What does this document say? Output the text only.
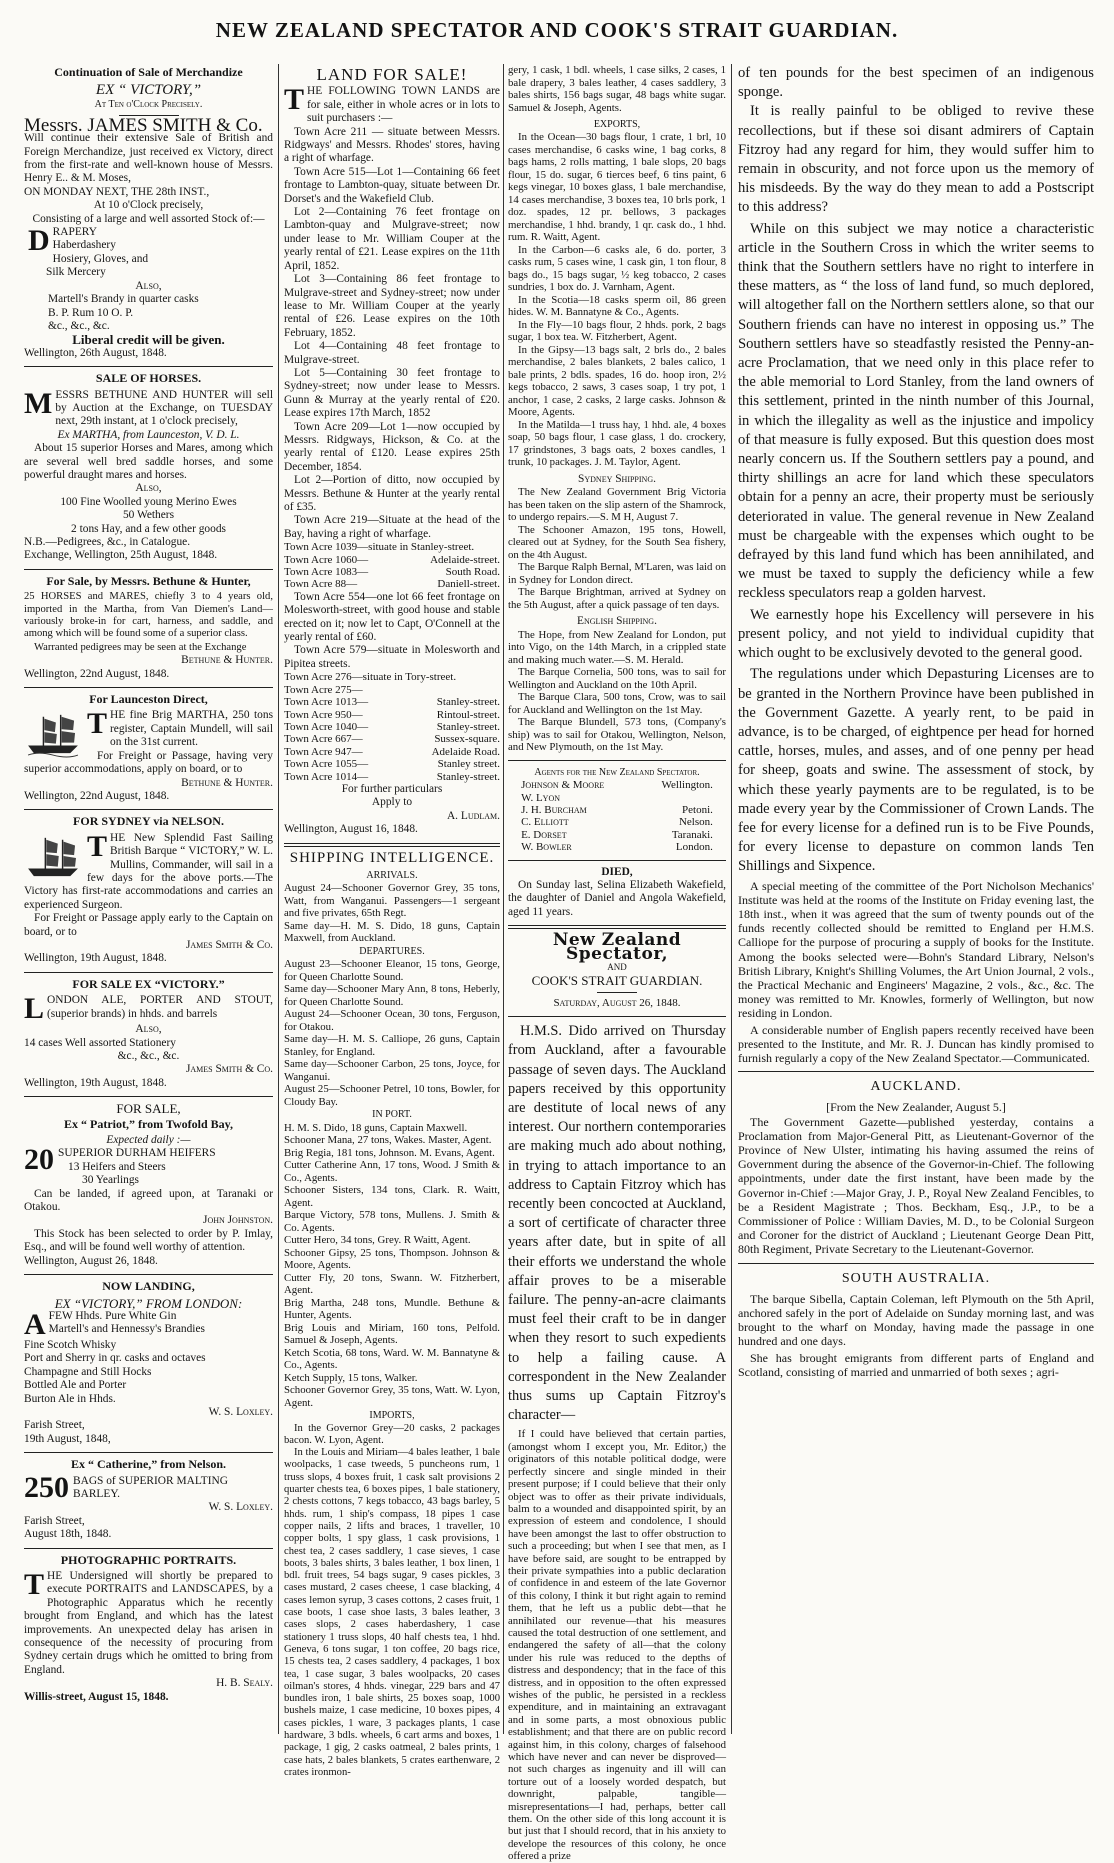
NEW ZEALAND SPECTATOR AND COOK'S STRAIT GUARDIAN.
Continuation of Sale of Merchandize
EX “ VICTORY,”
At Ten o'Clock Precisely.
Messrs. JAMES SMITH & Co.
Will continue their extensive Sale of British and Foreign Merchandize, just received ex Victory, direct from the first-rate and well-known house of Messrs. Henry E.. & M. Moses,
ON MONDAY NEXT, THE 28th INST.,
At 10 o'Clock precisely,
Consisting of a large and well assorted Stock of:—
D RAPERY
Haberdashery
Hosiery, Gloves, and
Silk Mercery
Also,
Martell's Brandy in quarter casks
B. P. Rum 10 O. P.
&c., &c., &c.
Liberal credit will be given.
Wellington, 26th August, 1848.
SALE OF HORSES.
MESSRS BETHUNE AND HUNTER will sell by Auction at the Exchange, on TUESDAY next, 29th instant, at 1 o'clock precisely,
Ex MARTHA, from Launceston, V. D. L.
About 15 superior Horses and Mares, among which are several well bred saddle horses, and some powerful draught mares and horses.
Also,
100 Fine Woolled young Merino Ewes
50 Wethers
2 tons Hay, and a few other goods
N.B.—Pedigrees, &c., in Catalogue.
Exchange, Wellington, 25th August, 1848.
For Sale, by Messrs. Bethune & Hunter,
25 HORSES and MARES, chiefly 3 to 4 years old, imported in the Martha, from Van Diemen's Land—variously broke-in for cart, harness, and saddle, and among which will be found some of a superior class.
Warranted pedigrees may be seen at the Exchange
Bethune & Hunter.
Wellington, 22nd August, 1848.
For Launceston Direct,
THE fine Brig MARTHA, 250 tons register, Captain Mundell, will sail on the 31st current.
For Freight or Passage, having very superior accommodations, apply on board, or to
Bethune & Hunter.
Wellington, 22nd August, 1848.
FOR SYDNEY via NELSON.
THE New Splendid Fast Sailing British Barque “ VICTORY,” W. L. Mullins, Commander, will sail in a few days for the above ports.—The Victory has first-rate accommodations and carries an experienced Surgeon.
For Freight or Passage apply early to the Captain on board, or to
James Smith & Co.
Wellington, 19th August, 1848.
FOR SALE EX “VICTORY.”
LONDON ALE, PORTER AND STOUT, (superior brands) in hhds. and barrels
Also,
14 cases Well assorted Stationery
&c., &c., &c.
James Smith & Co.
Wellington, 19th August, 1848.
FOR SALE,
Ex “ Patriot,” from Twofold Bay,
Expected daily :—
20 SUPERIOR DURHAM HEIFERS
13 Heifers and Steers
30 Yearlings
Can be landed, if agreed upon, at Taranaki or Otakou.
John Johnston.
This Stock has been selected to order by P. Imlay, Esq., and will be found well worthy of attention.
Wellington, August 26, 1848.
NOW LANDING,
EX “VICTORY,” FROM LONDON:
A FEW Hhds. Pure White Gin
Martell's and Hennessy's Brandies
Fine Scotch Whisky
Port and Sherry in qr. casks and octaves
Champagne and Still Hocks
Bottled Ale and Porter
Burton Ale in Hhds.
W. S. Loxley.
Farish Street,
19th August, 1848,
Ex “ Catherine,” from Nelson.
250 BAGS of SUPERIOR MALTING BARLEY.
W. S. Loxley.
Farish Street,
August 18th, 1848.
PHOTOGRAPHIC PORTRAITS.
THE Undersigned will shortly be prepared to execute PORTRAITS and LANDSCAPES, by a Photographic Apparatus which he recently brought from England, and which has the latest improvements. An unexpected delay has arisen in consequence of the necessity of procuring from Sydney certain drugs which he omitted to bring from England.
H. B. Sealy.
Willis-street, August 15, 1848.
LAND FOR SALE!
THE FOLLOWING TOWN LANDS are for sale, either in whole acres or in lots to suit purchasers :—
Town Acre 211 — situate between Messrs. Ridgways' and Messrs. Rhodes' stores, having a right of wharfage.
Town Acre 515—Lot 1—Containing 66 feet frontage to Lambton-quay, situate between Dr. Dorset's and the Wakefield Club.
Lot 2—Containing 76 feet frontage on Lambton-quay and Mulgrave-street; now under lease to Mr. William Couper at the yearly rental of £21. Lease expires on the 11th April, 1852.
Lot 3—Containing 86 feet frontage to Mulgrave-street and Sydney-street; now under lease to Mr. William Couper at the yearly rental of £26. Lease expires on the 10th February, 1852.
Lot 4—Containing 48 feet frontage to Mulgrave-street.
Lot 5—Containing 30 feet frontage to Sydney-street; now under lease to Messrs. Gunn & Murray at the yearly rental of £20. Lease expires 17th March, 1852
Town Acre 209—Lot 1—now occupied by Messrs. Ridgways, Hickson, & Co. at the yearly rental of £120. Lease expires 25th December, 1854.
Lot 2—Portion of ditto, now occupied by Messrs. Bethune & Hunter at the yearly rental of £35.
Town Acre 219—Situate at the head of the Bay, having a right of wharfage.
Town Acre 1039—situate in Stanley-street.	
Town Acre 1060—	Adelaide-street.
Town Acre 1083—	South Road.
Town Acre 88—	Daniell-street.
Town Acre 554—one lot 66 feet frontage on Molesworth-street, with good house and stable erected on it; now let to Capt, O'Connell at the yearly rental of £60.
Town Acre 579—situate in Molesworth and Pipitea streets.
Town Acre 276—situate in Tory-street.	
Town Acre 275—	
Town Acre 1013—	Stanley-street.
Town Acre 950—	Rintoul-street.
Town Acre 1040—	Stanley-street.
Town Acre 667—	Sussex-square.
Town Acre 947—	Adelaide Road.
Town Acre 1055—	Stanley street.
Town Acre 1014—	Stanley-street.
For further particulars
Apply to
A. Ludlam.
Wellington, August 16, 1848.
SHIPPING INTELLIGENCE.
ARRIVALS.
August 24—Schooner Governor Grey, 35 tons, Watt, from Wanganui. Passengers—1 sergeant and five privates, 65th Regt.
Same day—H. M. S. Dido, 18 guns, Captain Maxwell, from Auckland.
DEPARTURES.
August 23—Schooner Eleanor, 15 tons, George, for Queen Charlotte Sound.
Same day—Schooner Mary Ann, 8 tons, Heberly, for Queen Charlotte Sound.
August 24—Schooner Ocean, 30 tons, Ferguson, for Otakou.
Same day—H. M. S. Calliope, 26 guns, Captain Stanley, for England.
Same day—Schooner Carbon, 25 tons, Joyce, for Wanganui.
August 25—Schooner Petrel, 10 tons, Bowler, for Cloudy Bay.
IN PORT.
H. M. S. Dido, 18 guns, Captain Maxwell.
Schooner Mana, 27 tons, Wakes. Master, Agent.
Brig Regia, 181 tons, Johnson. M. Evans, Agent.
Cutter Catherine Ann, 17 tons, Wood. J Smith & Co., Agents.
Schooner Sisters, 134 tons, Clark. R. Waitt, Agent.
Barque Victory, 578 tons, Mullens. J. Smith & Co. Agents.
Cutter Hero, 34 tons, Grey. R Waitt, Agent.
Schooner Gipsy, 25 tons, Thompson. Johnson & Moore, Agents.
Cutter Fly, 20 tons, Swann. W. Fitzherbert, Agent.
Brig Martha, 248 tons, Mundle. Bethune & Hunter, Agents.
Brig Louis and Miriam, 160 tons, Pelfold. Samuel & Joseph, Agents.
Ketch Scotia, 68 tons, Ward. W. M. Bannatyne & Co., Agents.
Ketch Supply, 15 tons, Walker.
Schooner Governor Grey, 35 tons, Watt. W. Lyon, Agent.
IMPORTS,
In the Governor Grey—20 casks, 2 packages bacon. W. Lyon, Agent.
In the Louis and Miriam—4 bales leather, 1 bale woolpacks, 1 case tweeds, 5 puncheons rum, 1 truss slops, 4 boxes fruit, 1 cask salt provisions 2 quarter chests tea, 6 boxes pipes, 1 bale stationery, 2 chests cottons, 7 kegs tobacco, 43 bags barley, 5 hhds. rum, 1 ship's compass, 18 pipes 1 case copper nails, 2 lifts and braces, 1 traveller, 10 copper bolts, 1 spy glass, 1 cask provisions, 1 chest tea, 2 cases saddlery, 1 case sieves, 1 case boots, 3 bales shirts, 3 bales leather, 1 box linen, 1 bdl. fruit trees, 54 bags sugar, 9 cases pickles, 3 cases mustard, 2 cases cheese, 1 case blacking, 4 cases lemon syrup, 3 cases cottons, 2 cases fruit, 1 case boots, 1 case shoe lasts, 3 bales leather, 3 cases slops, 2 cases haberdashery, 1 case stationery 1 truss slops, 40 half chests tea, 1 hhd. Geneva, 6 tons sugar, 1 ton coffee, 20 bags rice, 15 chests tea, 2 cases saddlery, 4 packages, 1 box tea, 1 case sugar, 3 bales woolpacks, 20 cases oilman's stores, 4 hhds. vinegar, 229 bars and 47 bundles iron, 1 bale shirts, 25 boxes soap, 1000 bushels maize, 1 case medicine, 10 boxes pipes, 4 cases pickles, 1 ware, 3 packages plants, 1 case hardware, 3 bdls. wheels, 6 cart arms and boxes, 1 package, 1 gig, 2 casks oatmeal, 2 bales prints, 1 case hats, 2 bales blankets, 5 crates earthenware, 2 crates ironmon-
gery, 1 cask, 1 bdl. wheels, 1 case silks, 2 cases, 1 bale drapery, 3 bales leather, 4 cases saddlery, 3 bales shirts, 156 bags sugar, 48 bags white sugar. Samuel & Joseph, Agents.
EXPORTS,
In the Ocean—30 bags flour, 1 crate, 1 brl, 10 cases merchandise, 6 casks wine, 1 bag corks, 8 bags hams, 2 rolls matting, 1 bale slops, 20 bags flour, 15 do. sugar, 6 tierces beef, 6 tins paint, 6 kegs vinegar, 10 boxes glass, 1 bale merchandise, 14 cases merchandise, 3 boxes tea, 10 brls pork, 1 doz. spades, 12 pr. bellows, 3 packages merchandise, 1 hhd. brandy, 1 qr. cask do., 1 hhd. rum. R. Waitt, Agent.
In the Carbon—6 casks ale, 6 do. porter, 3 casks rum, 5 cases wine, 1 cask gin, 1 ton flour, 8 bags do., 15 bags sugar, ½ keg tobacco, 2 cases sundries, 1 box do. J. Varnham, Agent.
In the Scotia—18 casks sperm oil, 86 green hides. W. M. Bannatyne & Co., Agents.
In the Fly—10 bags flour, 2 hhds. pork, 2 bags sugar, 1 box tea. W. Fitzherbert, Agent.
In the Gipsy—13 bags salt, 2 brls do., 2 bales merchandise, 2 bales blankets, 2 bales calico, 1 bale prints, 2 bdls. spades, 16 do. hoop iron, 2½ kegs tobacco, 2 saws, 3 cases soap, 1 try pot, 1 anchor, 1 case, 2 casks, 2 large casks. Johnson & Moore, Agents.
In the Matilda—1 truss hay, 1 hhd. ale, 4 boxes soap, 50 bags flour, 1 case glass, 1 do. crockery, 17 grindstones, 3 bags oats, 2 boxes candles, 1 trunk, 10 packages. J. M. Taylor, Agent.
Sydney Shipping.
The New Zealand Government Brig Victoria has been taken on the slip astern of the Shamrock, to undergo repairs.—S. M H, August 7.
The Schooner Amazon, 195 tons, Howell, cleared out at Sydney, for the South Sea fishery, on the 4th August.
The Barque Ralph Bernal, M'Laren, was laid on in Sydney for London direct.
The Barque Brightman, arrived at Sydney on the 5th August, after a quick passage of ten days.
English Shipping.
The Hope, from New Zealand for London, put into Vigo, on the 14th March, in a crippled state and making much water.—S. M. Herald.
The Barque Cornelia, 500 tons, was to sail for Wellington and Auckland on the 10th April.
The Barque Clara, 500 tons, Crow, was to sail for Auckland and Wellington on the 1st May.
The Barque Blundell, 573 tons, (Company's ship) was to sail for Otakou, Wellington, Nelson, and New Plymouth, on the 1st May.
Agents for the New Zealand Spectator.
Johnson & Moore	Wellington.
W. Lyon	
J. H. Burcham	Petoni.
C. Elliott	Nelson.
E. Dorset	Taranaki.
W. Bowler	London.
DIED,
On Sunday last, Selina Elizabeth Wakefield, the daughter of Daniel and Angola Wakefield, aged 11 years.
New Zealand Spectator,
AND
COOK'S STRAIT GUARDIAN.
Saturday, August 26, 1848.
H.M.S. Dido arrived on Thursday from Auckland, after a favourable passage of seven days. The Auckland papers received by this opportunity are destitute of local news of any interest. Our northern contemporaries are making much ado about nothing, in trying to attach importance to an address to Captain Fitzroy which has recently been concocted at Auckland, a sort of certificate of character three years after date, but in spite of all their efforts we understand the whole affair proves to be a miserable failure. The penny-an-acre claimants must feel their craft to be in danger when they resort to such expedients to help a failing cause. A correspondent in the New Zealander thus sums up Captain Fitzroy's character—
If I could have believed that certain parties, (amongst whom I except you, Mr. Editor,) the originators of this notable political dodge, were perfectly sincere and single minded in their present purpose; if I could believe that their only object was to offer as their private individuals, balm to a wounded and disappointed spirit, by an expression of esteem and condolence, I should have been amongst the last to offer obstruction to such a proceeding; but when I see that men, as I have before said, are sought to be entrapped by their private sympathies into a public declaration of confidence in and esteem of the late Governor of this colony, I think it but right again to remind them, that he left us a public debt—that he annihilated our revenue—that his measures caused the total destruction of one settlement, and endangered the safety of all—that the colony under his rule was reduced to the depths of distress and despondency; that in the face of this distress, and in opposition to the often expressed wishes of the public, he persisted in a reckless expenditure, and in maintaining an extravagant and in some parts, a most obnoxious public establishment; and that there are on public record against him, in this colony, charges of falsehood which have never and can never be disproved—not such charges as ingenuity and ill will can torture out of a loosely worded despatch, but downright, palpable, tangible—misrepresentations—I had, perhaps, better call them. On the other side of this long account it is but just that I should record, that in his anxiety to develope the resources of this colony, he once offered a prize
of ten pounds for the best specimen of an indigenous sponge.
It is really painful to be obliged to revive these recollections, but if these soi disant admirers of Captain Fitzroy had any regard for him, they would suffer him to remain in obscurity, and not force upon us the memory of his misdeeds. By the way do they mean to add a Postscript to this address?
While on this subject we may notice a characteristic article in the Southern Cross in which the writer seems to think that the Southern settlers have no right to interfere in these matters, as “ the loss of land fund, so much deplored, will altogether fall on the Northern settlers alone, so that our Southern friends can have no interest in opposing us.” The Southern settlers have so steadfastly resisted the Penny-an-acre Proclamation, that we need only in this place refer to the able memorial to Lord Stanley, from the land owners of this settlement, printed in the ninth number of this Journal, in which the illegality as well as the injustice and impolicy of that measure is fully exposed. But this question does most nearly concern us. If the Southern settlers pay a pound, and thirty shillings an acre for land which these speculators obtain for a penny an acre, their property must be seriously deteriorated in value. The general revenue in New Zealand must be chargeable with the expenses which ought to be defrayed by this land fund which has been annihilated, and we must be taxed to supply the deficiency while a few reckless speculators reap a golden harvest.
We earnestly hope his Excellency will persevere in his present policy, and not yield to individual cupidity that which ought to be exclusively devoted to the general good.
The regulations under which Depasturing Licenses are to be granted in the Northern Province have been published in the Government Gazette. A yearly rent, to be paid in advance, is to be charged, of eightpence per head for horned cattle, horses, mules, and asses, and of one penny per head for sheep, goats and swine. The assessment of stock, by which these yearly payments are to be regulated, is to be made every year by the Commissioner of Crown Lands. The fee for every license for a defined run is to be Five Pounds, for every license to depasture on common lands Ten Shillings and Sixpence.
A special meeting of the committee of the Port Nicholson Mechanics' Institute was held at the rooms of the Institute on Friday evening last, the 18th inst., when it was agreed that the sum of twenty pounds out of the funds recently collected should be remitted to England per H.M.S. Calliope for the purpose of procuring a supply of books for the Institute. Among the books selected were—Bohn's Standard Library, Nelson's British Library, Knight's Shilling Volumes, the Art Union Journal, 2 vols., the Practical Mechanic and Engineers' Magazine, 2 vols., &c., &c. The money was remitted to Mr. Knowles, formerly of Wellington, but now residing in London.
A considerable number of English papers recently received have been presented to the Institute, and Mr. R. J. Duncan has kindly promised to furnish regularly a copy of the New Zealand Spectator.—Communicated.
AUCKLAND.
[From the New Zealander, August 5.]
The Government Gazette—published yesterday, contains a Proclamation from Major-General Pitt, as Lieutenant-Governor of the Province of New Ulster, intimating his having assumed the reins of Government during the absence of the Governor-in-Chief. The following appointments, under date the first instant, have been made by the Governor in-Chief :—Major Gray, J. P., Royal New Zealand Fencibles, to be a Resident Magistrate ; Thos. Beckham, Esq., J.P., to be a Commissioner of Police : William Davies, M. D., to be Colonial Surgeon and Coroner for the district of Auckland ; Lieutenant George Dean Pitt, 80th Regiment, Private Secretary to the Lieutenant-Governor.
SOUTH AUSTRALIA.
The barque Sibella, Captain Coleman, left Plymouth on the 5th April, anchored safely in the port of Adelaide on Sunday morning last, and was brought to the wharf on Monday, having made the passage in one hundred and one days.
She has brought emigrants from different parts of England and Scotland, consisting of married and unmarried of both sexes ; agri-
